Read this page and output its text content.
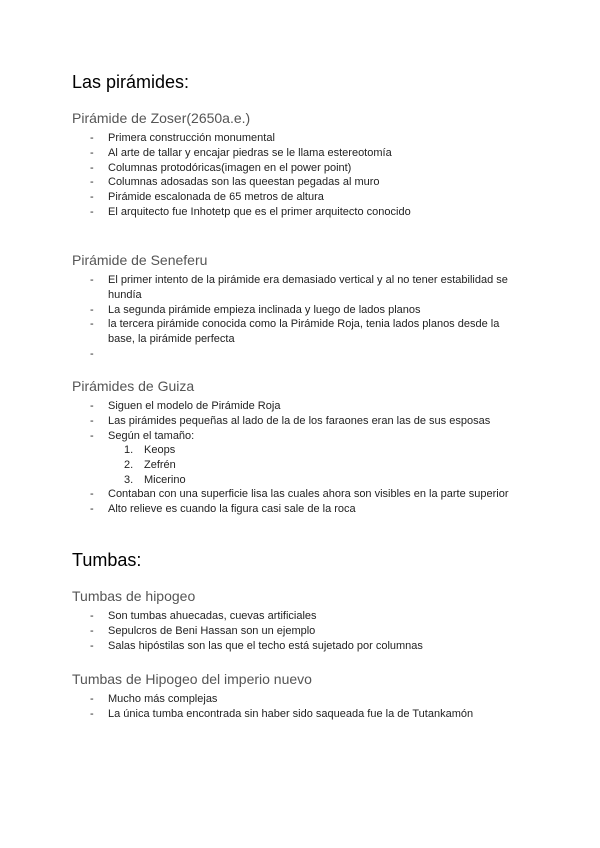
Las pirámides:
Pirámide de Zoser(2650a.e.)
- Primera construcción monumental
- Al arte de tallar y encajar piedras se le llama estereotomía
- Columnas protodóricas(imagen en el power point)
- Columnas adosadas son las queestan pegadas al muro
- Pirámide escalonada de 65 metros de altura
- El arquitecto fue Inhotetp que es el primer arquitecto conocido
Pirámide de Seneferu
- El primer intento de la pirámide era demasiado vertical y al no tener estabilidad se hundía
- La segunda pirámide empieza inclinada y luego de lados planos
- la tercera pirámide conocida como la Pirámide Roja, tenia lados planos desde la base, la pirámide perfecta
-
Pirámides de Guiza
- Siguen el modelo de Pirámide Roja
- Las pirámides pequeñas al lado de la de los faraones eran las de sus esposas
- Según el tamaño:
1. Keops
2. Zefrén
3. Micerino
- Contaban con una superficie lisa las cuales ahora son visibles en la parte superior
- Alto relieve es cuando la figura casi sale de la roca
Tumbas:
Tumbas de hipogeo
- Son tumbas ahuecadas, cuevas artificiales
- Sepulcros de Beni Hassan son un ejemplo
- Salas hipóstilas son las que el techo está sujetado por columnas
Tumbas de Hipogeo del imperio nuevo
- Mucho más complejas
- La única tumba encontrada sin haber sido saqueada fue la de Tutankamón
